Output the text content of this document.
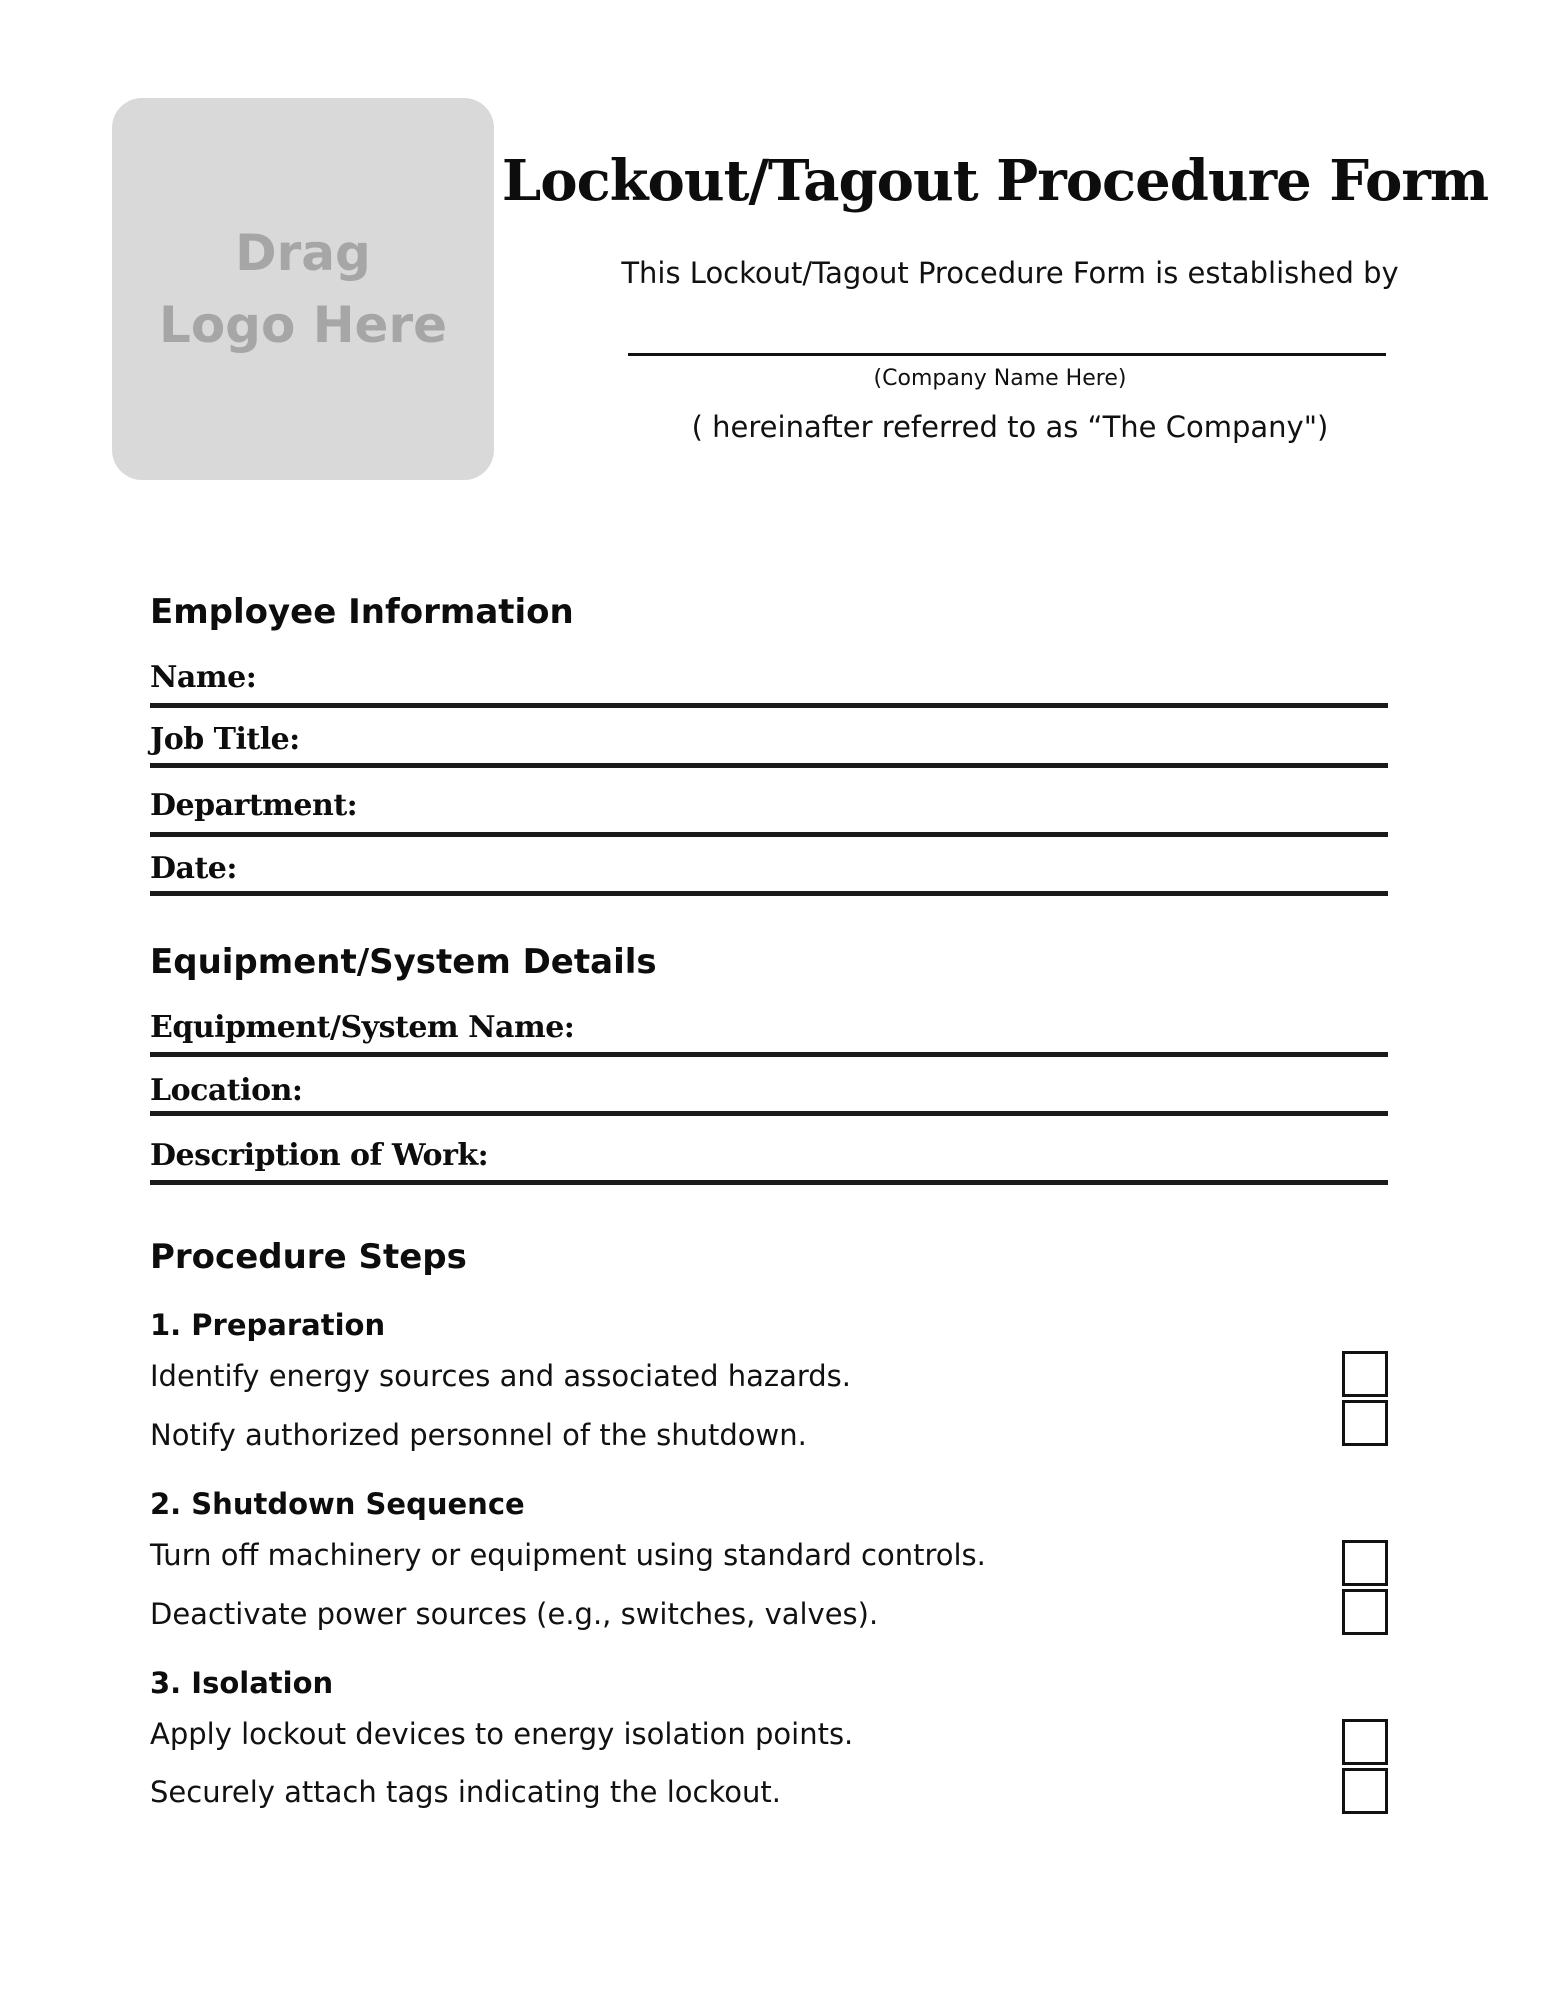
Drag
Logo Here
Lockout/Tagout Procedure Form
This Lockout/Tagout Procedure Form is established by
(Company Name Here)
( hereinafter referred to as “The Company")
Employee Information
Name:
Job Title:
Department:
Date:
Equipment/System Details
Equipment/System Name:
Location:
Description of Work:
Procedure Steps
1. Preparation
Identify energy sources and associated hazards.
Notify authorized personnel of the shutdown.
2. Shutdown Sequence
Turn off machinery or equipment using standard controls.
Deactivate power sources (e.g., switches, valves).
3. Isolation
Apply lockout devices to energy isolation points.
Securely attach tags indicating the lockout.
